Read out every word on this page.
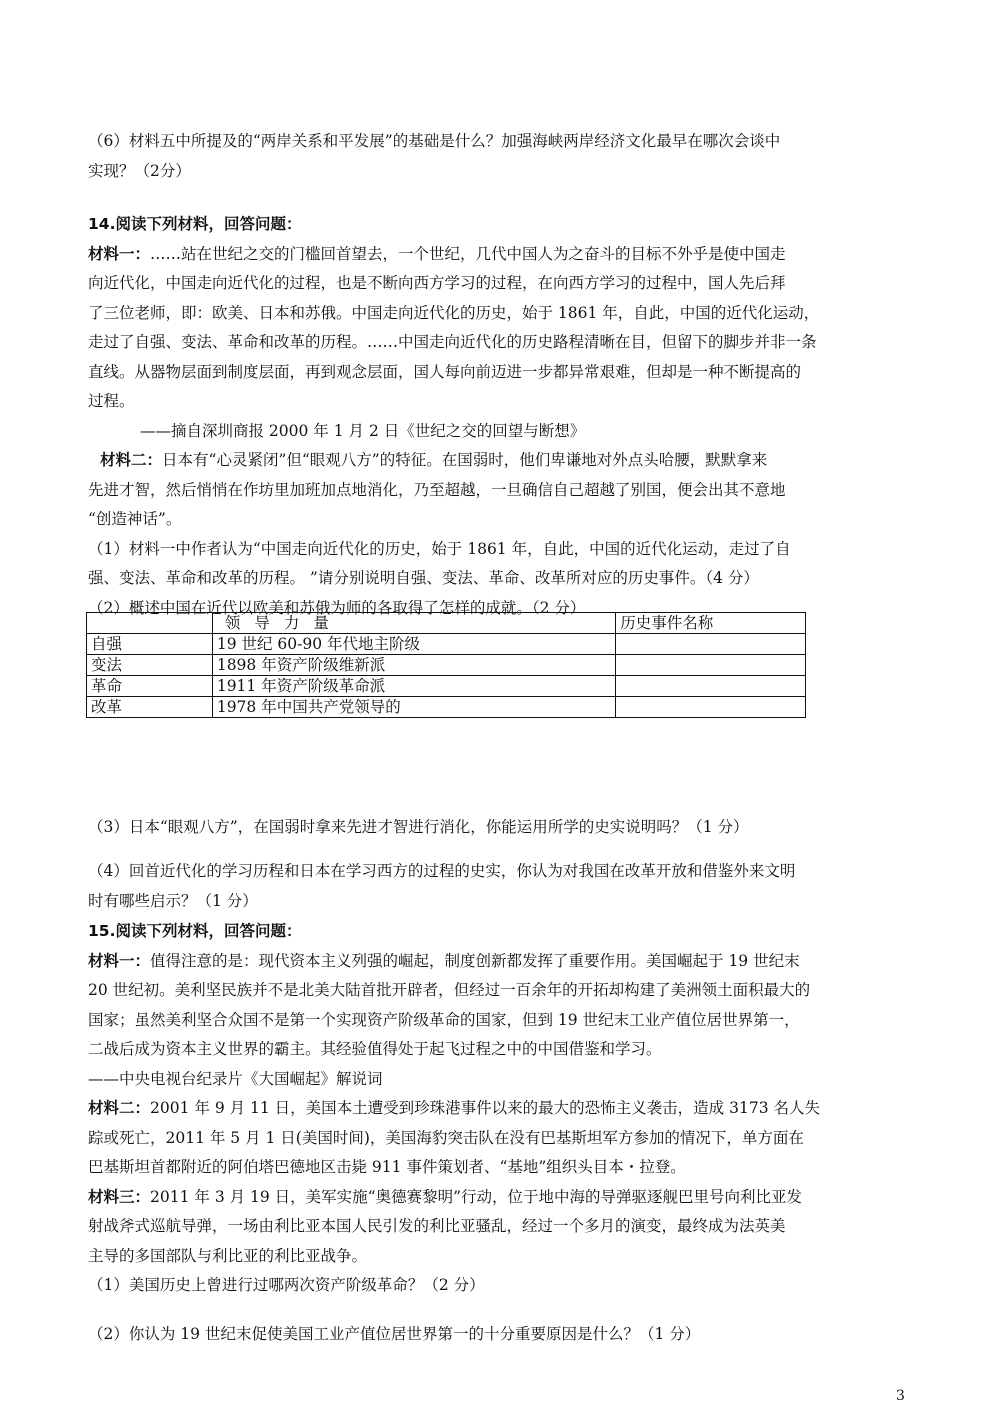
（6）材料五中所提及的“两岸关系和平发展”的基础是什么？加强海峡两岸经济文化最早在哪次会谈中
实现？（2分）
14.阅读下列材料，回答问题：
材料一：……站在世纪之交的门槛回首望去，一个世纪，几代中国人为之奋斗的目标不外乎是使中国走
向近代化，中国走向近代化的过程，也是不断向西方学习的过程，在向西方学习的过程中，国人先后拜
了三位老师，即：欧美、日本和苏俄。中国走向近代化的历史，始于 1861 年，自此，中国的近代化运动，
走过了自强、变法、革命和改革的历程。……中国走向近代化的历史路程清晰在目，但留下的脚步并非一条
直线。从器物层面到制度层面，再到观念层面，国人每向前迈进一步都异常艰难，但却是一种不断提高的
过程。
——摘自深圳商报 2000 年 1 月 2 日《世纪之交的回望与断想》
材料二：日本有“心灵紧闭”但“眼观八方”的特征。在国弱时，他们卑谦地对外点头哈腰，默默拿来
先进才智，然后悄悄在作坊里加班加点地消化，乃至超越，一旦确信自己超越了别国，便会出其不意地
“创造神话”。
（1）材料一中作者认为“中国走向近代化的历史，始于 1861 年，自此，中国的近代化运动，走过了自
强、变法、革命和改革的历程。 ”请分别说明自强、变法、革命、改革所对应的历史事件。（4 分）
（2）概述中国在近代以欧美和苏俄为师的各取得了怎样的成就。（2 分）
	领导力量	历史事件名称
自强	19 世纪 60-90 年代地主阶级	
变法	1898 年资产阶级维新派	
革命	1911 年资产阶级革命派	
改革	1978 年中国共产党领导的	
（3）日本“眼观八方”，在国弱时拿来先进才智进行消化，你能运用所学的史实说明吗？（1 分）
（4）回首近代化的学习历程和日本在学习西方的过程的史实，你认为对我国在改革开放和借鉴外来文明
时有哪些启示？（1 分）
15.阅读下列材料，回答问题：
材料一：值得注意的是：现代资本主义列强的崛起，制度创新都发挥了重要作用。美国崛起于 19 世纪末
20 世纪初。美利坚民族并不是北美大陆首批开辟者，但经过一百余年的开拓却构建了美洲领土面积最大的
国家；虽然美利坚合众国不是第一个实现资产阶级革命的国家，但到 19 世纪末工业产值位居世界第一，
二战后成为资本主义世界的霸主。其经验值得处于起飞过程之中的中国借鉴和学习。
——中央电视台纪录片《大国崛起》解说词
材料二：2001 年 9 月 11 日，美国本土遭受到珍珠港事件以来的最大的恐怖主义袭击，造成 3173 名人失
踪或死亡，2011 年 5 月 1 日(美国时间)，美国海豹突击队在没有巴基斯坦军方参加的情况下，单方面在
巴基斯坦首都附近的阿伯塔巴德地区击毙 911 事件策划者、“基地”组织头目本・拉登。
材料三：2011 年 3 月 19 日，美军实施“奥德赛黎明”行动，位于地中海的导弹驱逐舰巴里号向利比亚发
射战斧式巡航导弹，一场由利比亚本国人民引发的利比亚骚乱，经过一个多月的演变，最终成为法英美
主导的多国部队与利比亚的利比亚战争。
（1）美国历史上曾进行过哪两次资产阶级革命？（2 分）
（2）你认为 19 世纪末促使美国工业产值位居世界第一的十分重要原因是什么？（1 分）
3
